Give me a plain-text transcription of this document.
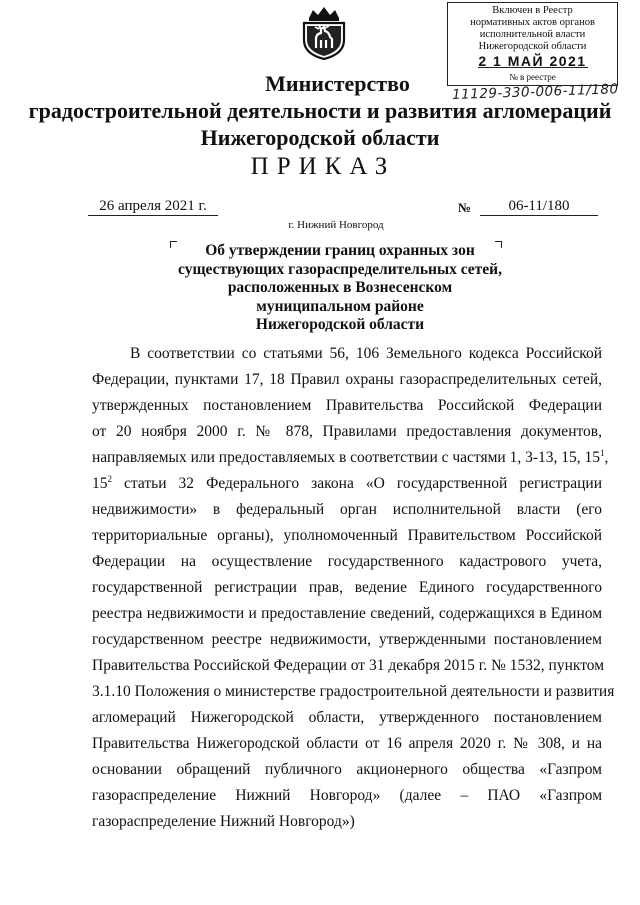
Включен в Реестр
нормативных актов органов
исполнительной власти
Нижегородской области
2 1 МАЙ 2021
№ в реестре
11129-330-006-11/180
Министерство
градостроительной деятельности и развития агломераций
Нижегородской области
ПРИКАЗ
26 апреля 2021 г.	№	06-11/180
г. Нижний Новгород
Об утверждении границ охранных зон
существующих газораспределительных сетей,
расположенных в Вознесенском
муниципальном районе
Нижегородской области
В соответствии со статьями 56, 106 Земельного кодекса Российской
Федерации, пунктами 17, 18 Правил охраны газораспределительных сетей,
утвержденных постановлением Правительства Российской Федерации
от 20 ноября 2000 г. № 878, Правилами предоставления документов,
направляемых или предоставляемых в соответствии с частями 1, 3-13, 15, $15^1$,
$15^2$ статьи 32 Федерального закона «О государственной регистрации
недвижимости» в федеральный орган исполнительной власти (его
территориальные органы), уполномоченный Правительством Российской
Федерации на осуществление государственного кадастрового учета,
государственной регистрации прав, ведение Единого государственного
реестра недвижимости и предоставление сведений, содержащихся в Едином
государственном реестре недвижимости, утвержденными постановлением
Правительства Российской Федерации от 31 декабря 2015 г. № 1532, пунктом
3.1.10 Положения о министерстве градостроительной деятельности и развития
агломераций Нижегородской области, утвержденного постановлением
Правительства Нижегородской области от 16 апреля 2020 г. № 308, и на
основании обращений публичного акционерного общества «Газпром
газораспределение Нижний Новгород» (далее – ПАО «Газпром
газораспределение Нижний Новгород»)
